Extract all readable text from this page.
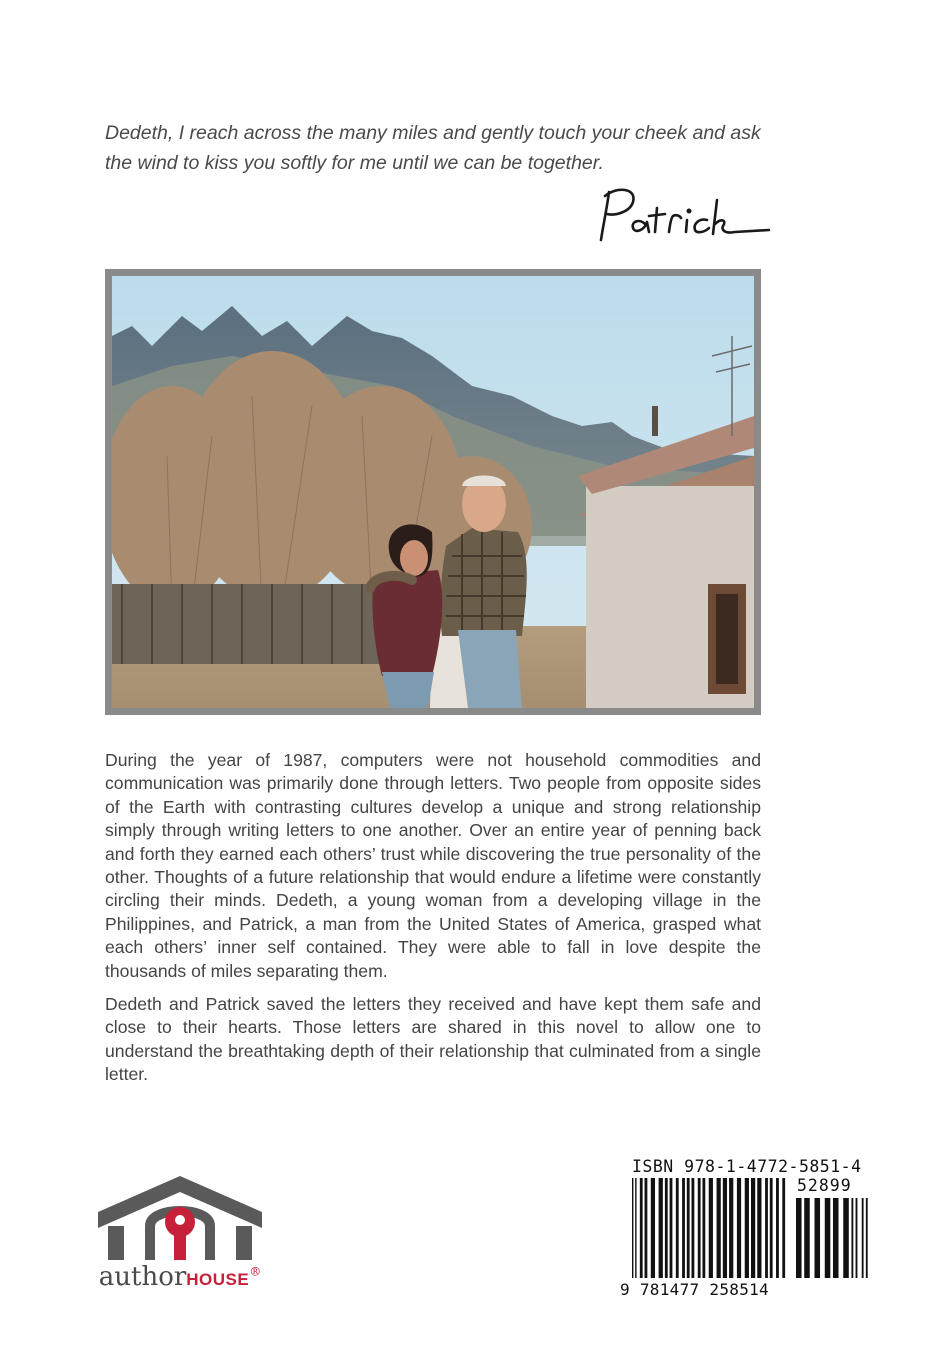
Dedeth, I reach across the many miles and gently touch your cheek and ask the wind to kiss you softly for me until we can be together.

During the year of 1987, computers were not household commodities and communication was primarily done through letters. Two people from opposite sides of the Earth with contrasting cultures develop a unique and strong relationship simply through writing letters to one another. Over an entire year of penning back and forth they earned each others’ trust while discovering the true personality of the other. Thoughts of a future relationship that would endure a lifetime were constantly circling their minds. Dedeth, a young woman from a developing village in the Philippines, and Patrick, a man from the United States of America, grasped what each others’ inner self contained. They were able to fall in love despite the thousands of miles separating them.

Dedeth and Patrick saved the letters they received and have kept them safe and close to their hearts. Those letters are shared in this novel to allow one to understand the breathtaking depth of their relationship that culminated from a single letter.

authorHOUSE®
ISBN 978-1-4772-5851-4
52899
9 781477 258514
